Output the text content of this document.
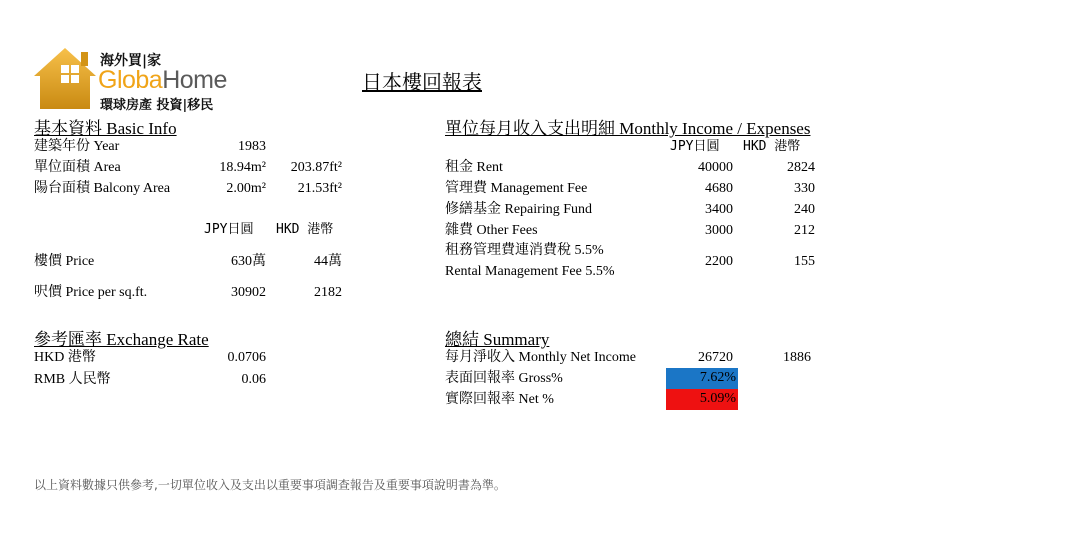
海外買|家
GlobaHome
環球房產 投資|移民
日本樓回報表
基本資料 Basic Info
建築年份 Year	1983
單位面積 Area	18.94m²	203.87ft²
陽台面積 Balcony Area	2.00m²	21.53ft²
JPY日圓 HKD 港幣
樓價 Price	630萬	44萬
呎價 Price per sq.ft.	30902	2182
參考匯率 Exchange Rate
HKD 港幣	0.0706
RMB 人民幣	0.06
單位每月收入支出明細 Monthly Income / Expenses
JPY日圓 HKD 港幣
租金 Rent	40000	2824
管理費 Management Fee	4680	330
修繕基金 Repairing Fund	3400	240
雜費 Other Fees	3000	212
租務管理費連消費稅 5.5%
Rental Management Fee 5.5%
2200	155
總結 Summary
每月淨收入 Monthly Net Income	26720	1886
表面回報率 Gross%	7.62%
實際回報率 Net %	5.09%
以上資料數據只供參考,一切單位收入及支出以重要事項調查報告及重要事項說明書為準。
